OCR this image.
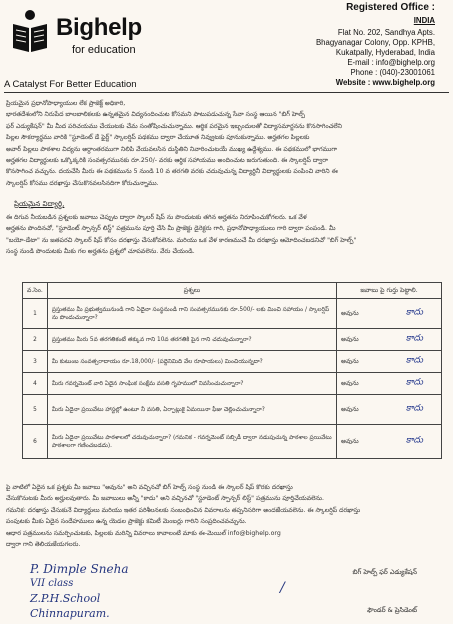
Bighelp
for education
A Catalyst For Better Education
Registered Office :
INDIA
Flat No. 202, Sandhya Apts.
Bhagyanagar Colony, Opp. KPHB,
Kukatpally, Hyderabad, India
E-mail : info@bighelp.org
Phone : (040)-23001061
Website : www.bighelp.org
ప్రియమైన ప్రధానోపాధ్యాయుల లేక ప్రాజెక్ట్ అధికారి,
భారతదేశంలోని నిరుపేద బాలబాలికలకు ఉన్నతమైన విద్యనందించుట కోసమని పాటుపడుచున్న సేవా సంస్థ ఆయిన "బిగ్ హెల్ప్
ఫర్ ఎడ్యుకేషన్" మీ మీద పరిచయము చేయుటకు చేమ సంతోషించుచున్నాము. ఆర్థిక పరమైన ఇబ్బందులతో విద్యాసమార్జనను కొనసాగించలేని
పిల్లల సౌకర్యార్థము వారికి "స్టూడెంట్ డే ఫైర్ట్" స్కాలర్షిప్ పథకము ద్వారా చేయూత నివ్వుటకు పూనుకున్నాము. అర్హతగల పిల్లలకు
అవార్ పిల్లలు పాఠశాల విద్యను అర్ధాంతరముగా నిలిపి వేయవలసిన దుస్థితిని నివారించుటయే ముఖ్య ఉద్దేశ్యము. ఈ పథకములో భాగముగా
అర్హతగల విద్యార్థులకు ఒక్కొక్కరికి సంవత్సరమునకు రూ.250/- వరకు ఆర్థిక సహాయము అందించుట జరుగుతుంది. ఈ స్కాలర్షిప్ ద్వారా
కొనసాగించ వచ్చును. దయచేసి మీరు ఈ పథకమును 5 నుండి 10 వ తరగతి వరకు చదువుచున్న విద్యార్థినీ విద్యార్థులకు పంపించి వారిని ఈ
స్కాలర్షిప్ కోసము దరఖాస్తు చేసుకొనవలసినదిగా కోరుచున్నాము.
ప్రియమైన విద్యార్థి,
ఈ దిగువ నీయబడిన ప్రశ్నలకు జవాబు చెప్పుట ద్వారా స్కాలర్ షిప్ ను పొందుటకు తగిన అర్హతను నిరూపించుకోగలరు. ఒక వేళ
అర్హతను పొందినచో, "స్టూడెంట్ స్పాన్సర్ లిస్ట్" పత్రమును పూర్తి చేసి మీ ప్రాజెక్టు డైరెక్టరు గారి, ప్రధానోపాధ్యాయులు గారి ద్వారా పంపండి. మీ
"బయో-డేటా" ను జతపరచి స్కాలర్ షిప్ కోసం దరఖాస్తు చేసుకోవలెను. మరియు ఒక వేళ కారణముచే మీ దరఖాస్తు ఆమోదించబడనిచో "బిగ్ హెల్ప్"
సంస్థ నుండి పొందుటకు మీకు గల అర్హతను ప్రశ్నలో చూపవలెను. వేరు చేయండి.
వ.సెం.	ప్రశ్నలు	జవాబు పై గుర్తు పెట్టాలి.
1	ప్రస్తుతము మీ ప్రభుత్వమునుండి గాని ఏదైనా సంస్థనుండి గాని సంవత్సరమునకు రూ.500/- లకు మించి సహాయం / స్కాలర్షిప్ ను పొందుచున్నారా?	అవును కాదు

2	ప్రస్తుతము మీరు 5వ తరగతికంటే తక్కువ గాని 10వ తరగతికి పైన గాని చదువుచున్నారా?	అవును కాదు

3	మీ కుటుంబ సంవత్సరాదాయం రూ.18,000/- (పద్దెనిమిది వేల రూపాయలు) మించియున్నదా?	అవును కాదు

4	మీరు గవర్నమెంట్ వారి ఏదైన సాంఘిక సంక్షేమ వసతి గృహములో నివసించుచున్నారా?	అవును కాదు

5	మీరు ఏదైనా ప్రయివేటు హాస్టల్లో ఉంటూ నీ వసతి, ఏర్పాట్లుకై ఏమయినా ఫీజు చెల్లించుచున్నారా?	అవును కాదు

6	మీరు ఏదైనా ప్రయివేటు పాఠశాలలో చదువుచున్నారా? (గమనిక - గవర్నమెంట్ సబ్సిడీ ద్వారా నడుపుచున్న పాఠశాల ప్రయివేటు పాఠశాలగా గణించబడదు).	అవును కాదు
పై వాటిలో ఏదైన ఒక ప్రశ్నకు మీ జవాబు "అవును" అని వచ్చినచో బిగ్ హెల్ప్ సంస్థ నుండి ఈ స్కాలర్ షిప్ కొరకు దరఖాస్తు
చేసుకొనుటకు మీరు అర్హులవుతారు. మీ జవాబులు అన్నీ "కాదు" అని వచ్చినచో "స్టూడెంట్ స్పాన్సర్ లిస్ట్" పత్రమును పూర్తిచేయవలెను.
గమనిక: దరఖాస్తు చేసుకునే విద్యార్థులు మరియు ఇతర పరిశీలనలకు సంబంధించిన వివరాలను తప్పనిసరిగా అందజేయవలెను. ఈ స్కాలర్షిప్ దరఖాస్తు
పంపుటకు మీకు ఏదైన సందేహములు ఉన్న యెడల ప్రాజెక్టు కమిటీ మెంబర్లు గారిని సంప్రదించవచ్చును.
ఆధార పత్రములను సమర్పించుటకు, పిల్లలకు మరిన్ని వివరాలు కావాలంటే మాకు ఈ-మెయిల్ info@bighelp.org
ద్వారా గాని తెలియజేయగలరు.
P. Dimple Sneha
VII class
Z.P.H.School
Chinnapuram.
/
బిగ్ హెల్ప్ ఫర్ ఎడ్యుకేషన్
ఫౌండర్ & ప్రెసిడెంట్
